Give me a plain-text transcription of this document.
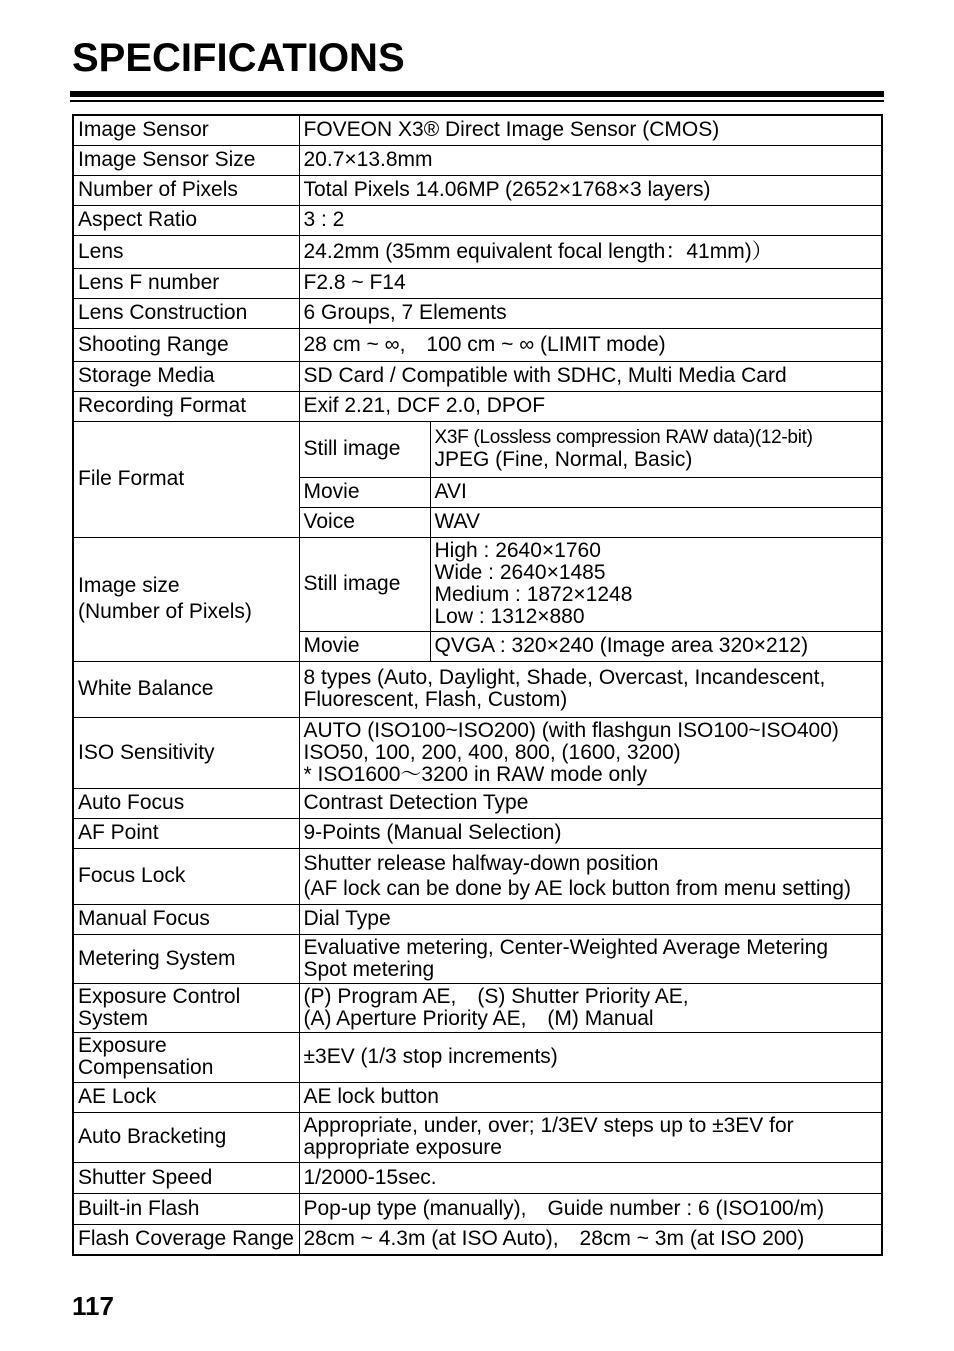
SPECIFICATIONS
Image Sensor	FOVEON X3® Direct Image Sensor (CMOS)	
Image Sensor Size	20.7×13.8mm	
Number of Pixels	Total Pixels 14.06MP (2652×1768×3 layers)	
Aspect Ratio	3 : 2	
Lens	24.2mm (35mm equivalent focal length：41mm)）	
Lens F number	F2.8 ~ F14	
Lens Construction	6 Groups, 7 Elements	
Shooting Range	28 cm ~ ∞,　100 cm ~ ∞ (LIMIT mode)	
Storage Media	SD Card / Compatible with SDHC, Multi Media Card	
Recording Format	Exif 2.21, DCF 2.0, DPOF	
File Format	Still image	X3F (Lossless compression RAW data)(12-bit)
JPEG (Fine, Normal, Basic)

	Movie	AVI
	Voice	WAV

Image size
(Number of Pixels)	Still image	High : 2640×1760
Wide : 2640×1485
Medium : 1872×1248
Low : 1312×880

	Movie	QVGA : 320×240 (Image area 320×212)
White Balance	8 types (Auto, Daylight, Shade, Overcast, Incandescent,
Fluorescent, Flash, Custom)	

ISO Sensitivity	AUTO (ISO100~ISO200) (with flashgun ISO100~ISO400)
ISO50, 100, 200, 400, 800, (1600, 3200)
* ISO1600～3200 in RAW mode only	

Auto Focus	Contrast Detection Type	
AF Point	9-Points (Manual Selection)	
Focus Lock	Shutter release halfway-down position
(AF lock can be done by AE lock button from menu setting)	

Manual Focus	Dial Type	
Metering System	Evaluative metering, Center-Weighted Average Metering
Spot metering	

Exposure Control
System	(P) Program AE,　(S) Shutter Priority AE,
(A) Aperture Priority AE,　(M) Manual	

Exposure
Compensation	±3EV (1/3 stop increments)	
AE Lock	AE lock button	
Auto Bracketing	Appropriate, under, over; 1/3EV steps up to ±3EV for
appropriate exposure	

Shutter Speed	1/2000-15sec.	
Built-in Flash	Pop-up type (manually),　Guide number : 6 (ISO100/m)	
Flash Coverage Range	28cm ~ 4.3m (at ISO Auto),　28cm ~ 3m (at ISO 200)	
117
